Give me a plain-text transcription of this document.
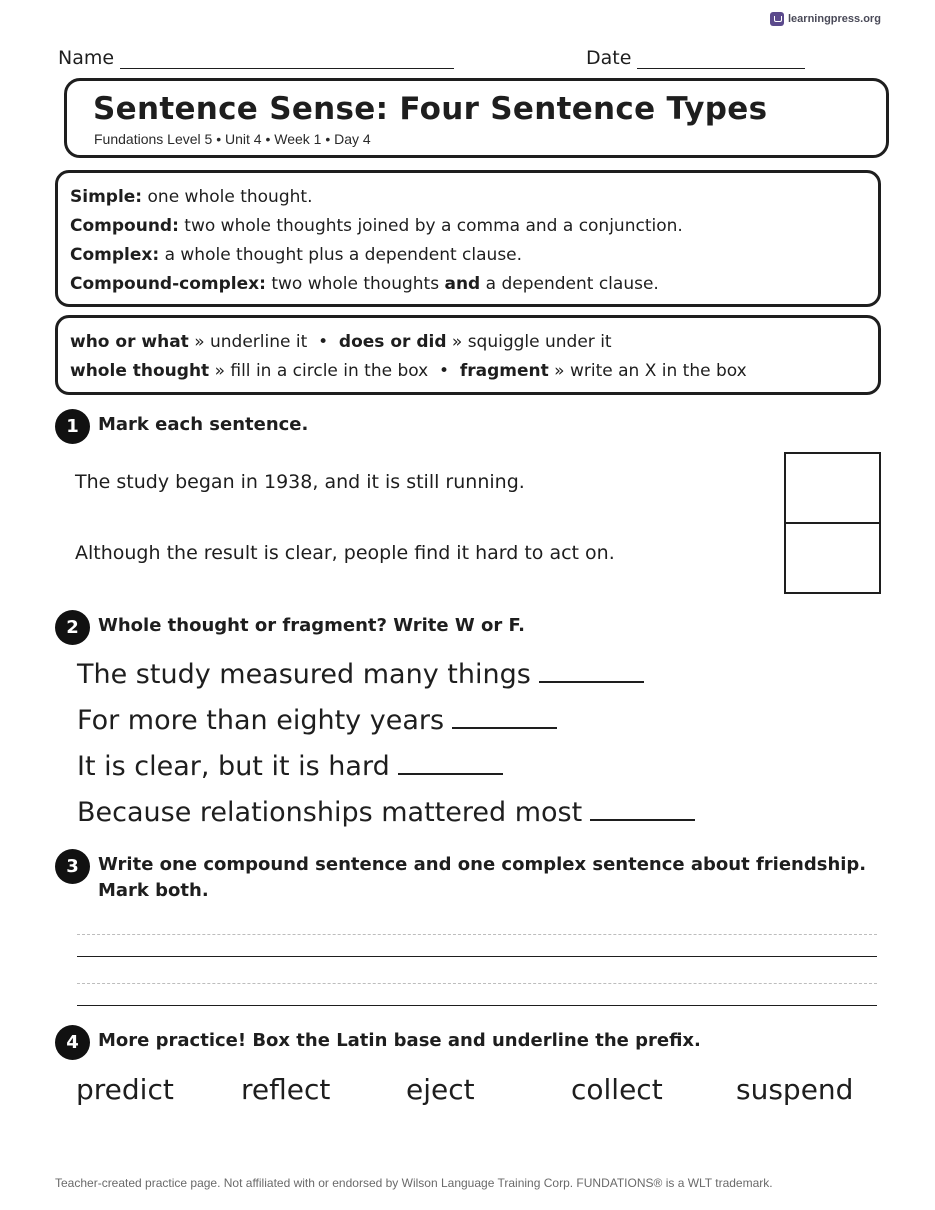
learningpress.org
Name	Date
Sentence Sense: Four Sentence Types
Fundations Level 5 • Unit 4 • Week 1 • Day 4
Simple: one whole thought.
Compound: two whole thoughts joined by a comma and a conjunction.
Complex: a whole thought plus a dependent clause.
Compound-complex: two whole thoughts and a dependent clause.
who or what » underline it  •  does or did » squiggle under it
whole thought » fill in a circle in the box  •  fragment » write an X in the box
1	Mark each sentence.
The study began in 1938, and it is still running.
Although the result is clear, people find it hard to act on.
2	Whole thought or fragment? Write W or F.
The study measured many things
For more than eighty years
It is clear, but it is hard
Because relationships mattered most
3	Write one compound sentence and one complex sentence about friendship. Mark both.
4	More practice! Box the Latin base and underline the prefix.
predict reflect	eject	collect	suspend
Teacher-created practice page. Not affiliated with or endorsed by Wilson Language Training Corp. FUNDATIONS® is a WLT trademark.
